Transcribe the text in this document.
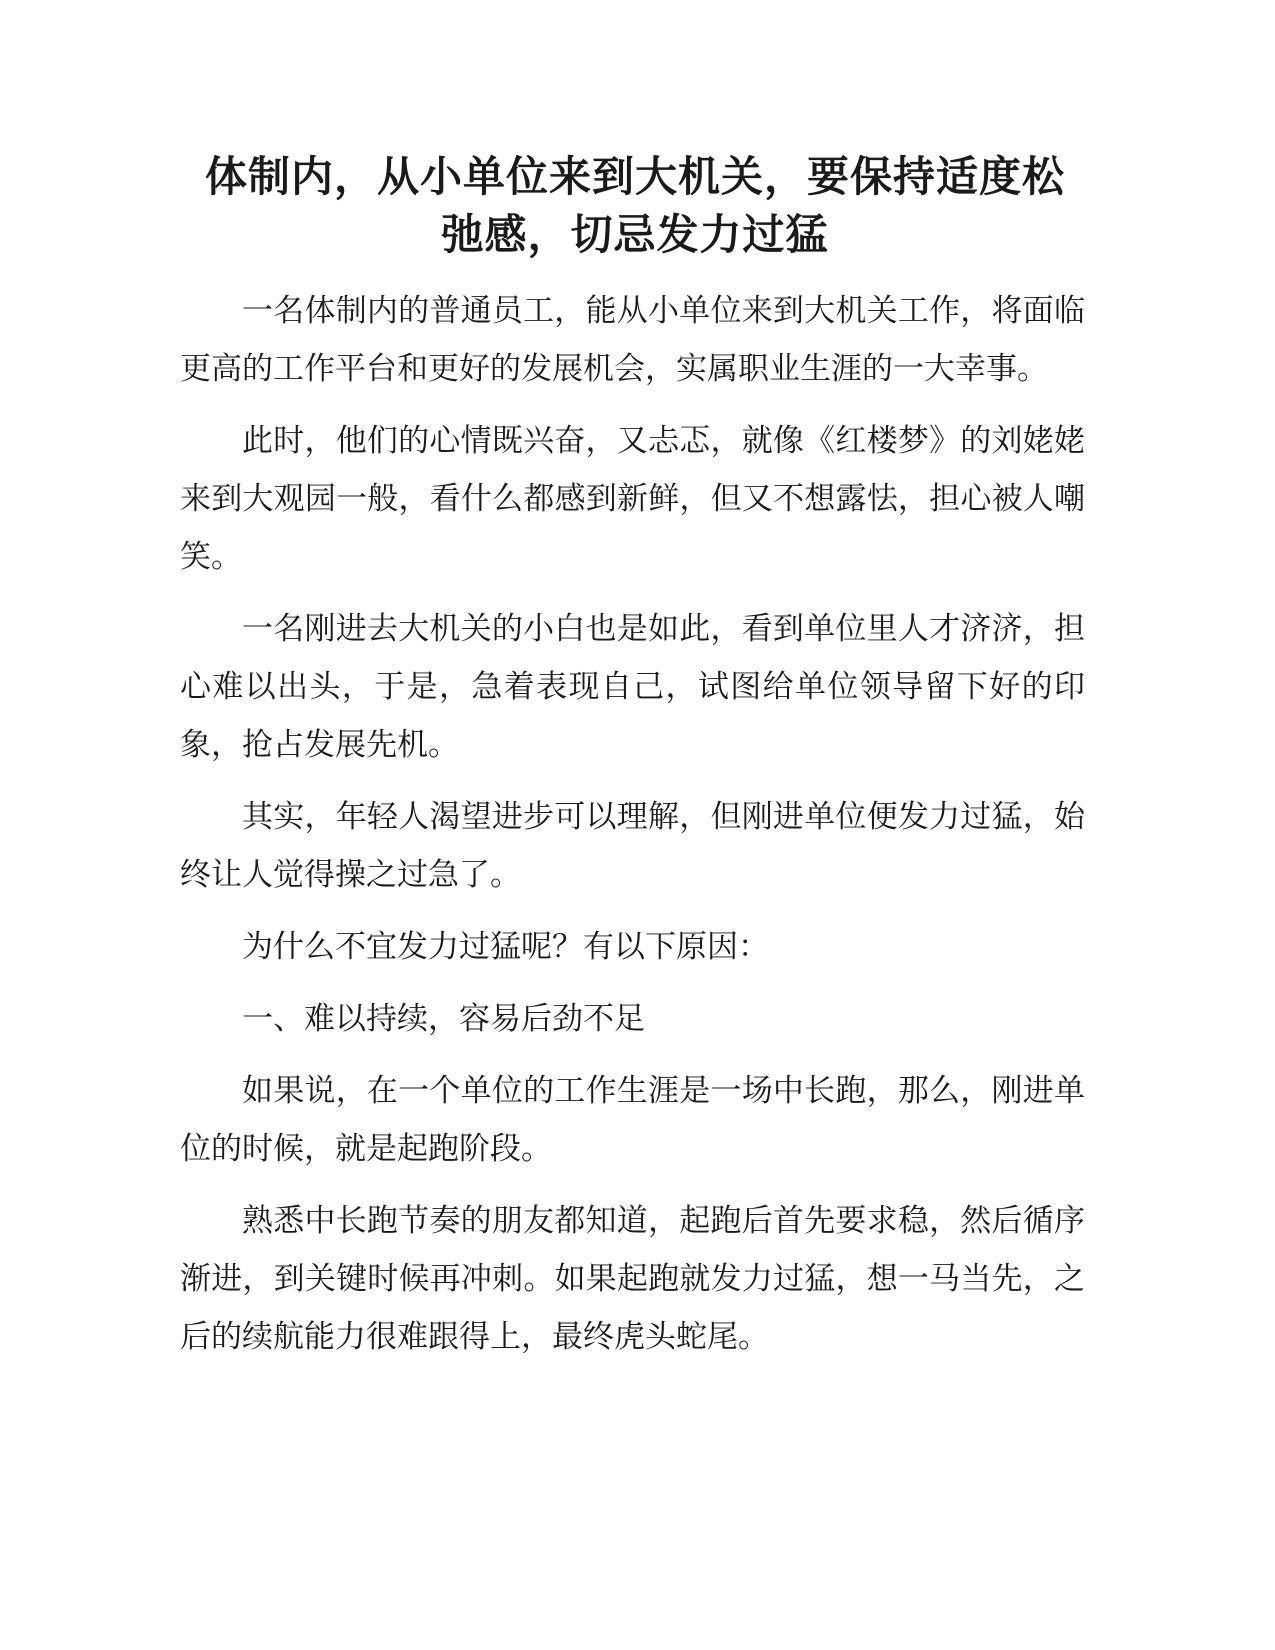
体制内，从小单位来到大机关，要保持适度松
弛感，切忌发力过猛

一名体制内的普通员工，能从小单位来到大机关工作，将面临更高的工作平台和更好的发展机会，实属职业生涯的一大幸事。

此时，他们的心情既兴奋，又忐忑，就像《红楼梦》的刘姥姥来到大观园一般，看什么都感到新鲜，但又不想露怯，担心被人嘲笑。

一名刚进去大机关的小白也是如此，看到单位里人才济济，担心难以出头，于是，急着表现自己，试图给单位领导留下好的印象，抢占发展先机。

其实，年轻人渴望进步可以理解，但刚进单位便发力过猛，始终让人觉得操之过急了。

为什么不宜发力过猛呢？有以下原因：

一、难以持续，容易后劲不足

如果说，在一个单位的工作生涯是一场中长跑，那么，刚进单位的时候，就是起跑阶段。

熟悉中长跑节奏的朋友都知道，起跑后首先要求稳，然后循序渐进，到关键时候再冲刺。如果起跑就发力过猛，想一马当先，之后的续航能力很难跟得上，最终虎头蛇尾。
